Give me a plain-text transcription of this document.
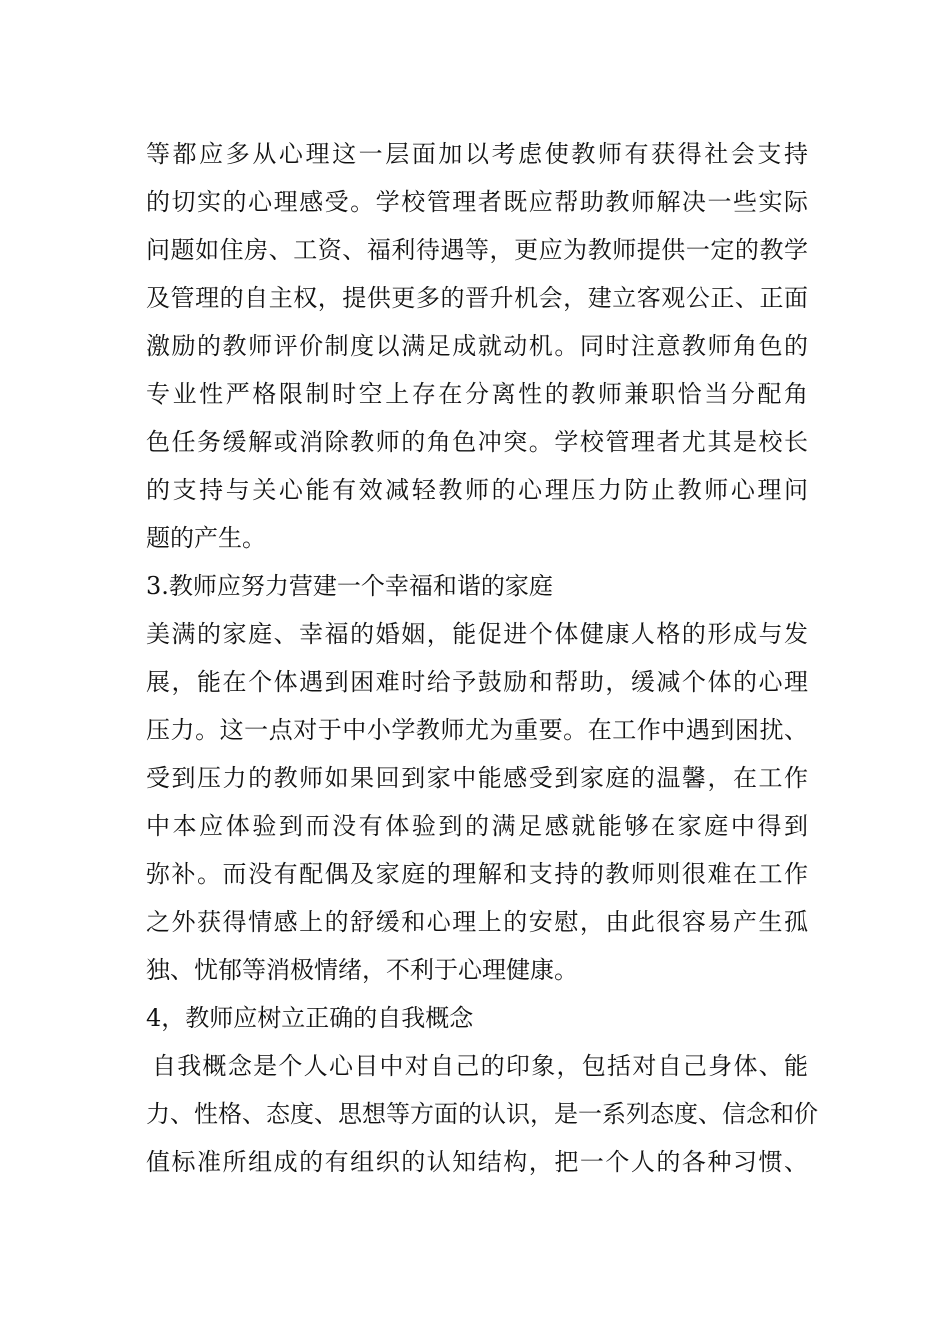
等都应多从心理这一层面加以考虑使教师有获得社会支持
的切实的心理感受。学校管理者既应帮助教师解决一些实际
问题如住房、工资、福利待遇等，更应为教师提供一定的教学
及管理的自主权，提供更多的晋升机会，建立客观公正、正面
激励的教师评价制度以满足成就动机。同时注意教师角色的
专业性严格限制时空上存在分离性的教师兼职恰当分配角
色任务缓解或消除教师的角色冲突。学校管理者尤其是校长
的支持与关心能有效减轻教师的心理压力防止教师心理问
题的产生。
3.教师应努力营建一个幸福和谐的家庭
美满的家庭、幸福的婚姻，能促进个体健康人格的形成与发
展，能在个体遇到困难时给予鼓励和帮助，缓减个体的心理
压力。这一点对于中小学教师尤为重要。在工作中遇到困扰、
受到压力的教师如果回到家中能感受到家庭的温馨，在工作
中本应体验到而没有体验到的满足感就能够在家庭中得到
弥补。而没有配偶及家庭的理解和支持的教师则很难在工作
之外获得情感上的舒缓和心理上的安慰，由此很容易产生孤
独、忧郁等消极情绪，不利于心理健康。
4，教师应树立正确的自我概念
自我概念是个人心目中对自己的印象，包括对自己身体、能
力、性格、态度、思想等方面的认识，是一系列态度、信念和价
值标准所组成的有组织的认知结构，把一个人的各种习惯、
